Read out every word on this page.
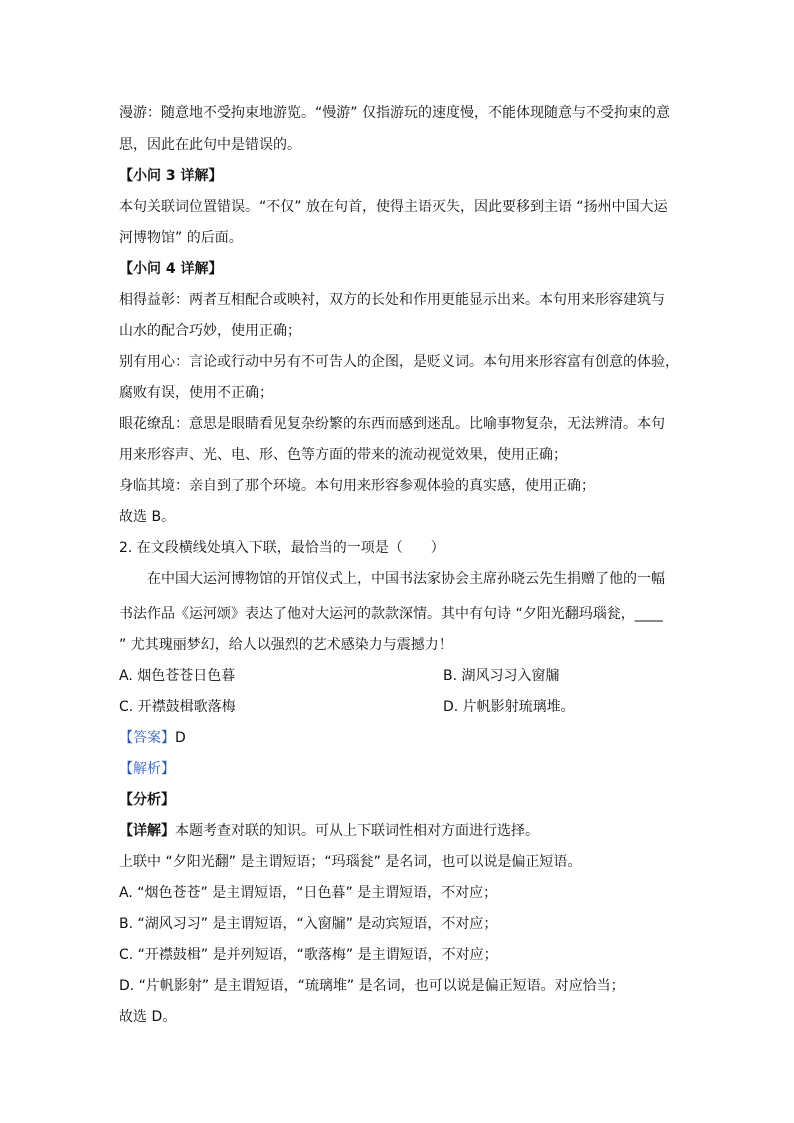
漫游：随意地不受拘束地游览。“慢游” 仅指游玩的速度慢，不能体现随意与不受拘束的意
思，因此在此句中是错误的。
【小问 3 详解】
本句关联词位置错误。“不仅” 放在句首，使得主语灭失，因此要移到主语 “扬州中国大运
河博物馆” 的后面。
【小问 4 详解】
相得益彰：两者互相配合或映衬，双方的长处和作用更能显示出来。本句用来形容建筑与
山水的配合巧妙，使用正确；
别有用心：言论或行动中另有不可告人的企图，是贬义词。本句用来形容富有创意的体验，
腐败有误，使用不正确；
眼花缭乱：意思是眼睛看见复杂纷繁的东西而感到迷乱。比喻事物复杂，无法辨清。本句
用来形容声、光、电、形、色等方面的带来的流动视觉效果，使用正确；
身临其境：亲自到了那个环境。本句用来形容参观体验的真实感，使用正确；
故选 B。
2. 在文段横线处填入下联，最恰当的一项是（　　）
在中国大运河博物馆的开馆仪式上，中国书法家协会主席孙晓云先生捐赠了他的一幅
书法作品《运河颂》表达了他对大运河的款款深情。其中有句诗 “夕阳光翻玛瑙瓮，____
” 尤其瑰丽梦幻，给人以强烈的艺术感染力与震撼力！
A. 烟色苍苍日色暮	B. 湖风习习入窗牖
C. 开襟鼓楫歌落梅	D. 片帆影射琉璃堆。
【答案】D
【解析】
【分析】
【详解】本题考查对联的知识。可从上下联词性相对方面进行选择。
上联中 “夕阳光翻” 是主谓短语；“玛瑙瓮” 是名词，也可以说是偏正短语。
A. “烟色苍苍” 是主谓短语，“日色暮” 是主谓短语，不对应；
B. “湖风习习” 是主谓短语，“入窗牖” 是动宾短语，不对应；
C. “开襟鼓楫” 是并列短语，“歌落梅” 是主谓短语，不对应；
D. “片帆影射” 是主谓短语，“琉璃堆” 是名词，也可以说是偏正短语。对应恰当；
故选 D。
